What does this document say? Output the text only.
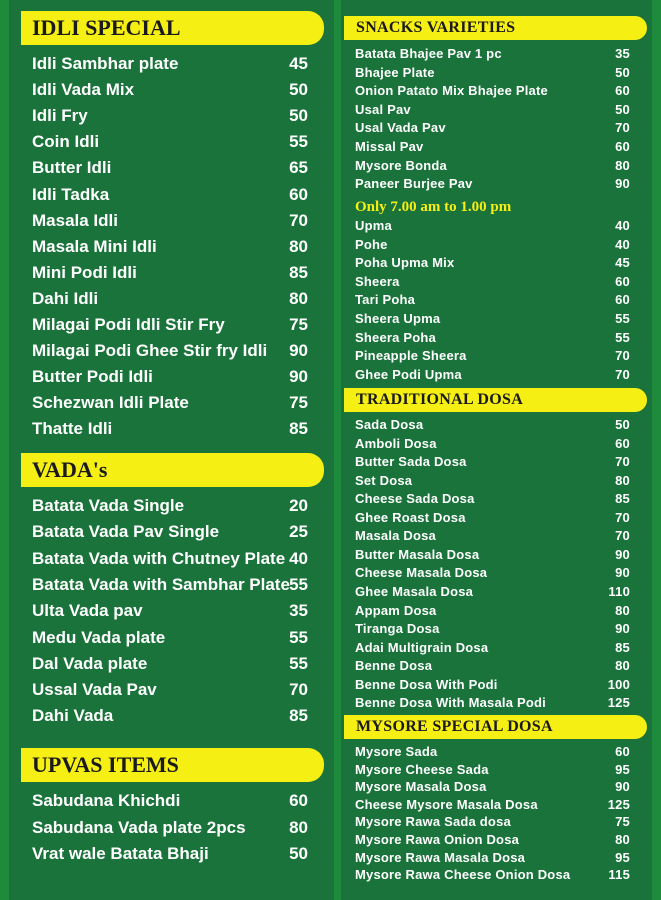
IDLI SPECIAL
Idli Sambhar plate	45
Idli Vada Mix	50
Idli Fry	50
Coin Idli	55
Butter Idli	65
Idli Tadka	60
Masala Idli	70
Masala Mini Idli	80
Mini Podi Idli	85
Dahi Idli	80
Milagai Podi Idli Stir Fry	75
Milagai Podi Ghee Stir fry Idli 90
Butter Podi Idli	90
Schezwan Idli Plate	75
Thatte Idli	85
VADA's
Batata Vada Single	20
Batata Vada Pav Single	25
Batata Vada with Chutney Plate 40
Batata Vada with Sambhar Plate 55
Ulta Vada pav	35
Medu Vada plate	55
Dal Vada plate	55
Ussal Vada Pav	70
Dahi Vada	85
UPVAS ITEMS
Sabudana Khichdi	60
Sabudana Vada plate 2pcs	80
Vrat wale Batata Bhaji	50
SNACKS VARIETIES
Batata Bhajee Pav 1 pc	35
Bhajee Plate	50
Onion Patato Mix Bhajee Plate	60
Usal Pav	50
Usal Vada Pav	70
Missal Pav	60
Mysore Bonda	80
Paneer Burjee Pav	90
Only 7.00 am to 1.00 pm
Upma	40
Pohe	40
Poha Upma Mix	45
Sheera	60
Tari Poha	60
Sheera Upma	55
Sheera Poha	55
Pineapple Sheera	70
Ghee Podi Upma	70
TRADITIONAL DOSA
Sada Dosa	50
Amboli Dosa	60
Butter Sada Dosa	70
Set Dosa	80
Cheese Sada Dosa	85
Ghee Roast Dosa	70
Masala Dosa	70
Butter Masala Dosa	90
Cheese Masala Dosa	90
Ghee Masala Dosa	110
Appam Dosa	80
Tiranga Dosa	90
Adai Multigrain Dosa	85
Benne Dosa	80
Benne Dosa With Podi	100
Benne Dosa With Masala Podi	125
MYSORE SPECIAL DOSA
Mysore Sada	60
Mysore Cheese Sada	95
Mysore Masala Dosa	90
Cheese Mysore Masala Dosa	125
Mysore Rawa Sada dosa	75
Mysore Rawa Onion Dosa	80
Mysore Rawa Masala Dosa	95
Mysore Rawa Cheese Onion Dosa	115
